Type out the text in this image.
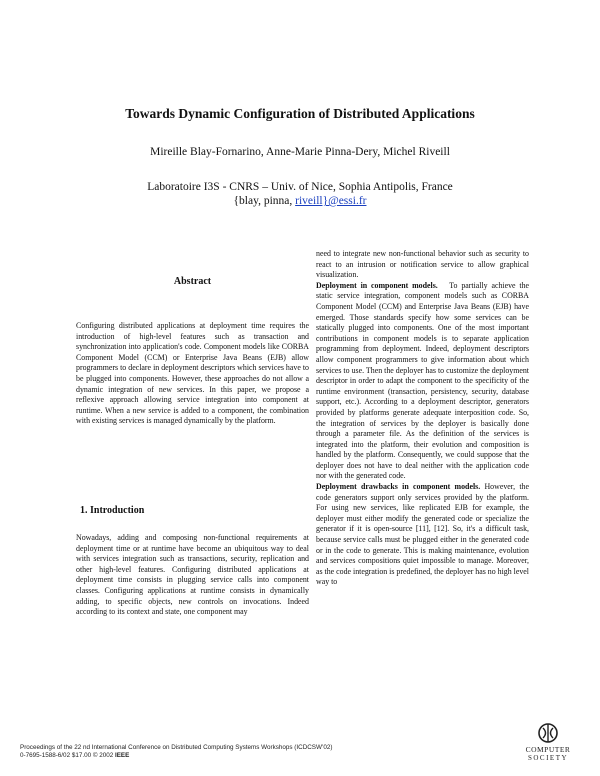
Towards Dynamic Configuration of Distributed Applications
Mireille Blay-Fornarino, Anne-Marie Pinna-Dery, Michel Riveill
Laboratoire I3S - CNRS – Univ. of Nice, Sophia Antipolis, France
{blay, pinna, riveill}@essi.fr
Abstract

Configuring distributed applications at deployment time requires the introduction of high-level features such as transaction and synchronization into application's code. Component models like CORBA Component Model (CCM) or Enterprise Java Beans (EJB) allow programmers to declare in deployment descriptors which services have to be plugged into components. However, these approaches do not allow a dynamic integration of new services. In this paper, we propose a reflexive approach allowing service integration into component at runtime. When a new service is added to a component, the combination with existing services is managed dynamically by the platform.

1. Introduction

Nowadays, adding and composing non-functional requirements at deployment time or at runtime have become an ubiquitous way to deal with services integration such as transactions, security, replication and other high-level features. Configuring distributed applications at deployment time consists in plugging service calls into component classes. Configuring applications at runtime consists in dynamically adding, to specific objects, new controls on invocations. Indeed according to its context and state, one component may

need to integrate new non-functional behavior such as security to react to an intrusion or notification service to allow graphical visualization.

Deployment in component models. To partially achieve the static service integration, component models such as CORBA Component Model (CCM) and Enterprise Java Beans (EJB) have emerged. Those standards specify how some services can be statically plugged into components. One of the most important contributions in component models is to separate application programming from deployment. Indeed, deployment descriptors allow component programmers to give information about which services to use. Then the deployer has to customize the deployment descriptor in order to adapt the component to the specificity of the runtime environment (transaction, persistency, security, database support, etc.). According to a deployment descriptor, generators provided by platforms generate adequate interposition code. So, the integration of services by the deployer is basically done through a parameter file. As the definition of the services is integrated into the platform, their evolution and composition is handled by the platform. Consequently, we could suppose that the deployer does not have to deal neither with the application code nor with the generated code.

Deployment drawbacks in component models. However, the code generators support only services provided by the platform. For using new services, like replicated EJB for example, the deployer must either modify the generated code or specialize the generator if it is open-source [11], [12]. So, it's a difficult task, because service calls must be plugged either in the generated code or in the code to generate. This is making maintenance, evolution and services compositions quiet impossible to manage. Moreover, as the code integration is predefined, the deployer has no high level way to

Proceedings of the 22 nd International Conference on Distributed Computing Systems Workshops (ICDCSW’02)
0-7695-1588-6/02 $17.00 © 2002 IEEE
COMPUTER
SOCIETY
